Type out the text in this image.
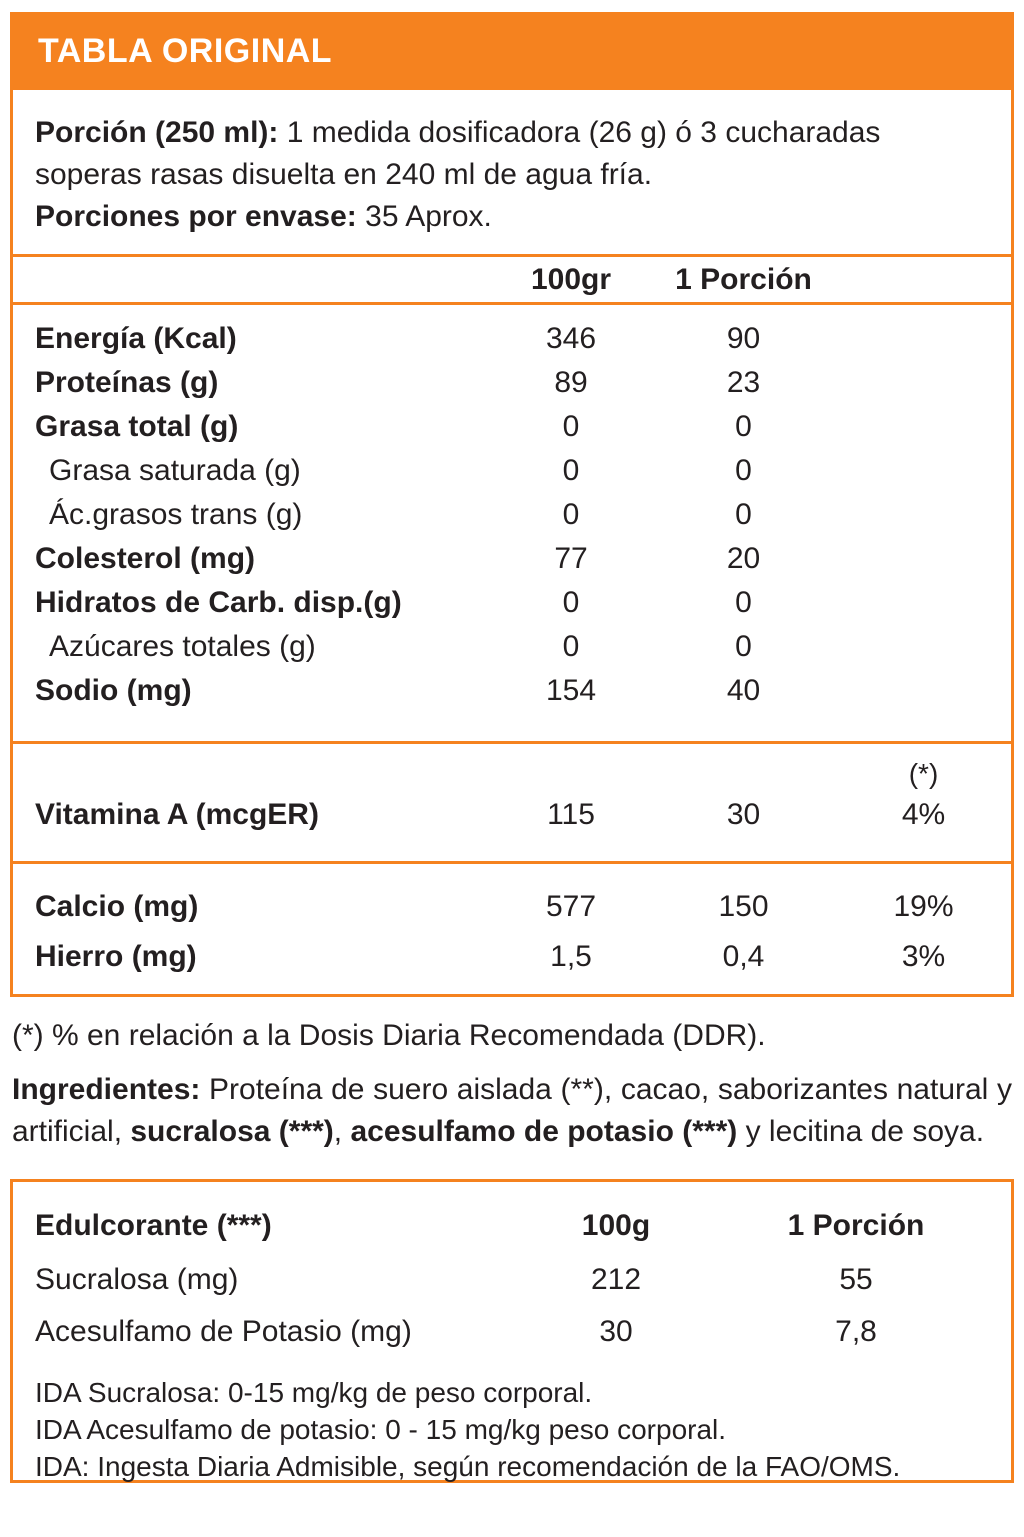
TABLA ORIGINAL

Porción (250 ml): 1 medida dosificadora (26 g) ó 3 cucharadas soperas rasas disuelta en 240 ml de agua fría.

Porciones por envase: 35 Aprox.

100gr	1 Porción
Energía (Kcal)	346	90
Proteínas (g)	89	23
Grasa total (g)	0	0
Grasa saturada (g)	0	0
Ác.grasos trans (g)	0	0
Colesterol (mg)	77	20
Hidratos de Carb. disp.(g)	0	0
Azúcares totales (g)	0	0
Sodio (mg)	154	40
(*)
Vitamina A (mcgER)	115	30	4%
Calcio (mg)	577	150	19%
Hierro (mg)	1,5	0,4	3%

(*) % en relación a la Dosis Diaria Recomendada (DDR).

Ingredientes: Proteína de suero aislada (**), cacao, saborizantes natural y artificial, sucralosa (***), acesulfamo de potasio (***) y lecitina de soya.

Edulcorante (***)	100g	1 Porción
Sucralosa (mg)	212	55
Acesulfamo de Potasio (mg)	30	7,8

IDA Sucralosa: 0-15 mg/kg de peso corporal.

IDA Acesulfamo de potasio: 0 - 15 mg/kg peso corporal.

IDA: Ingesta Diaria Admisible, según recomendación de la FAO/OMS.
